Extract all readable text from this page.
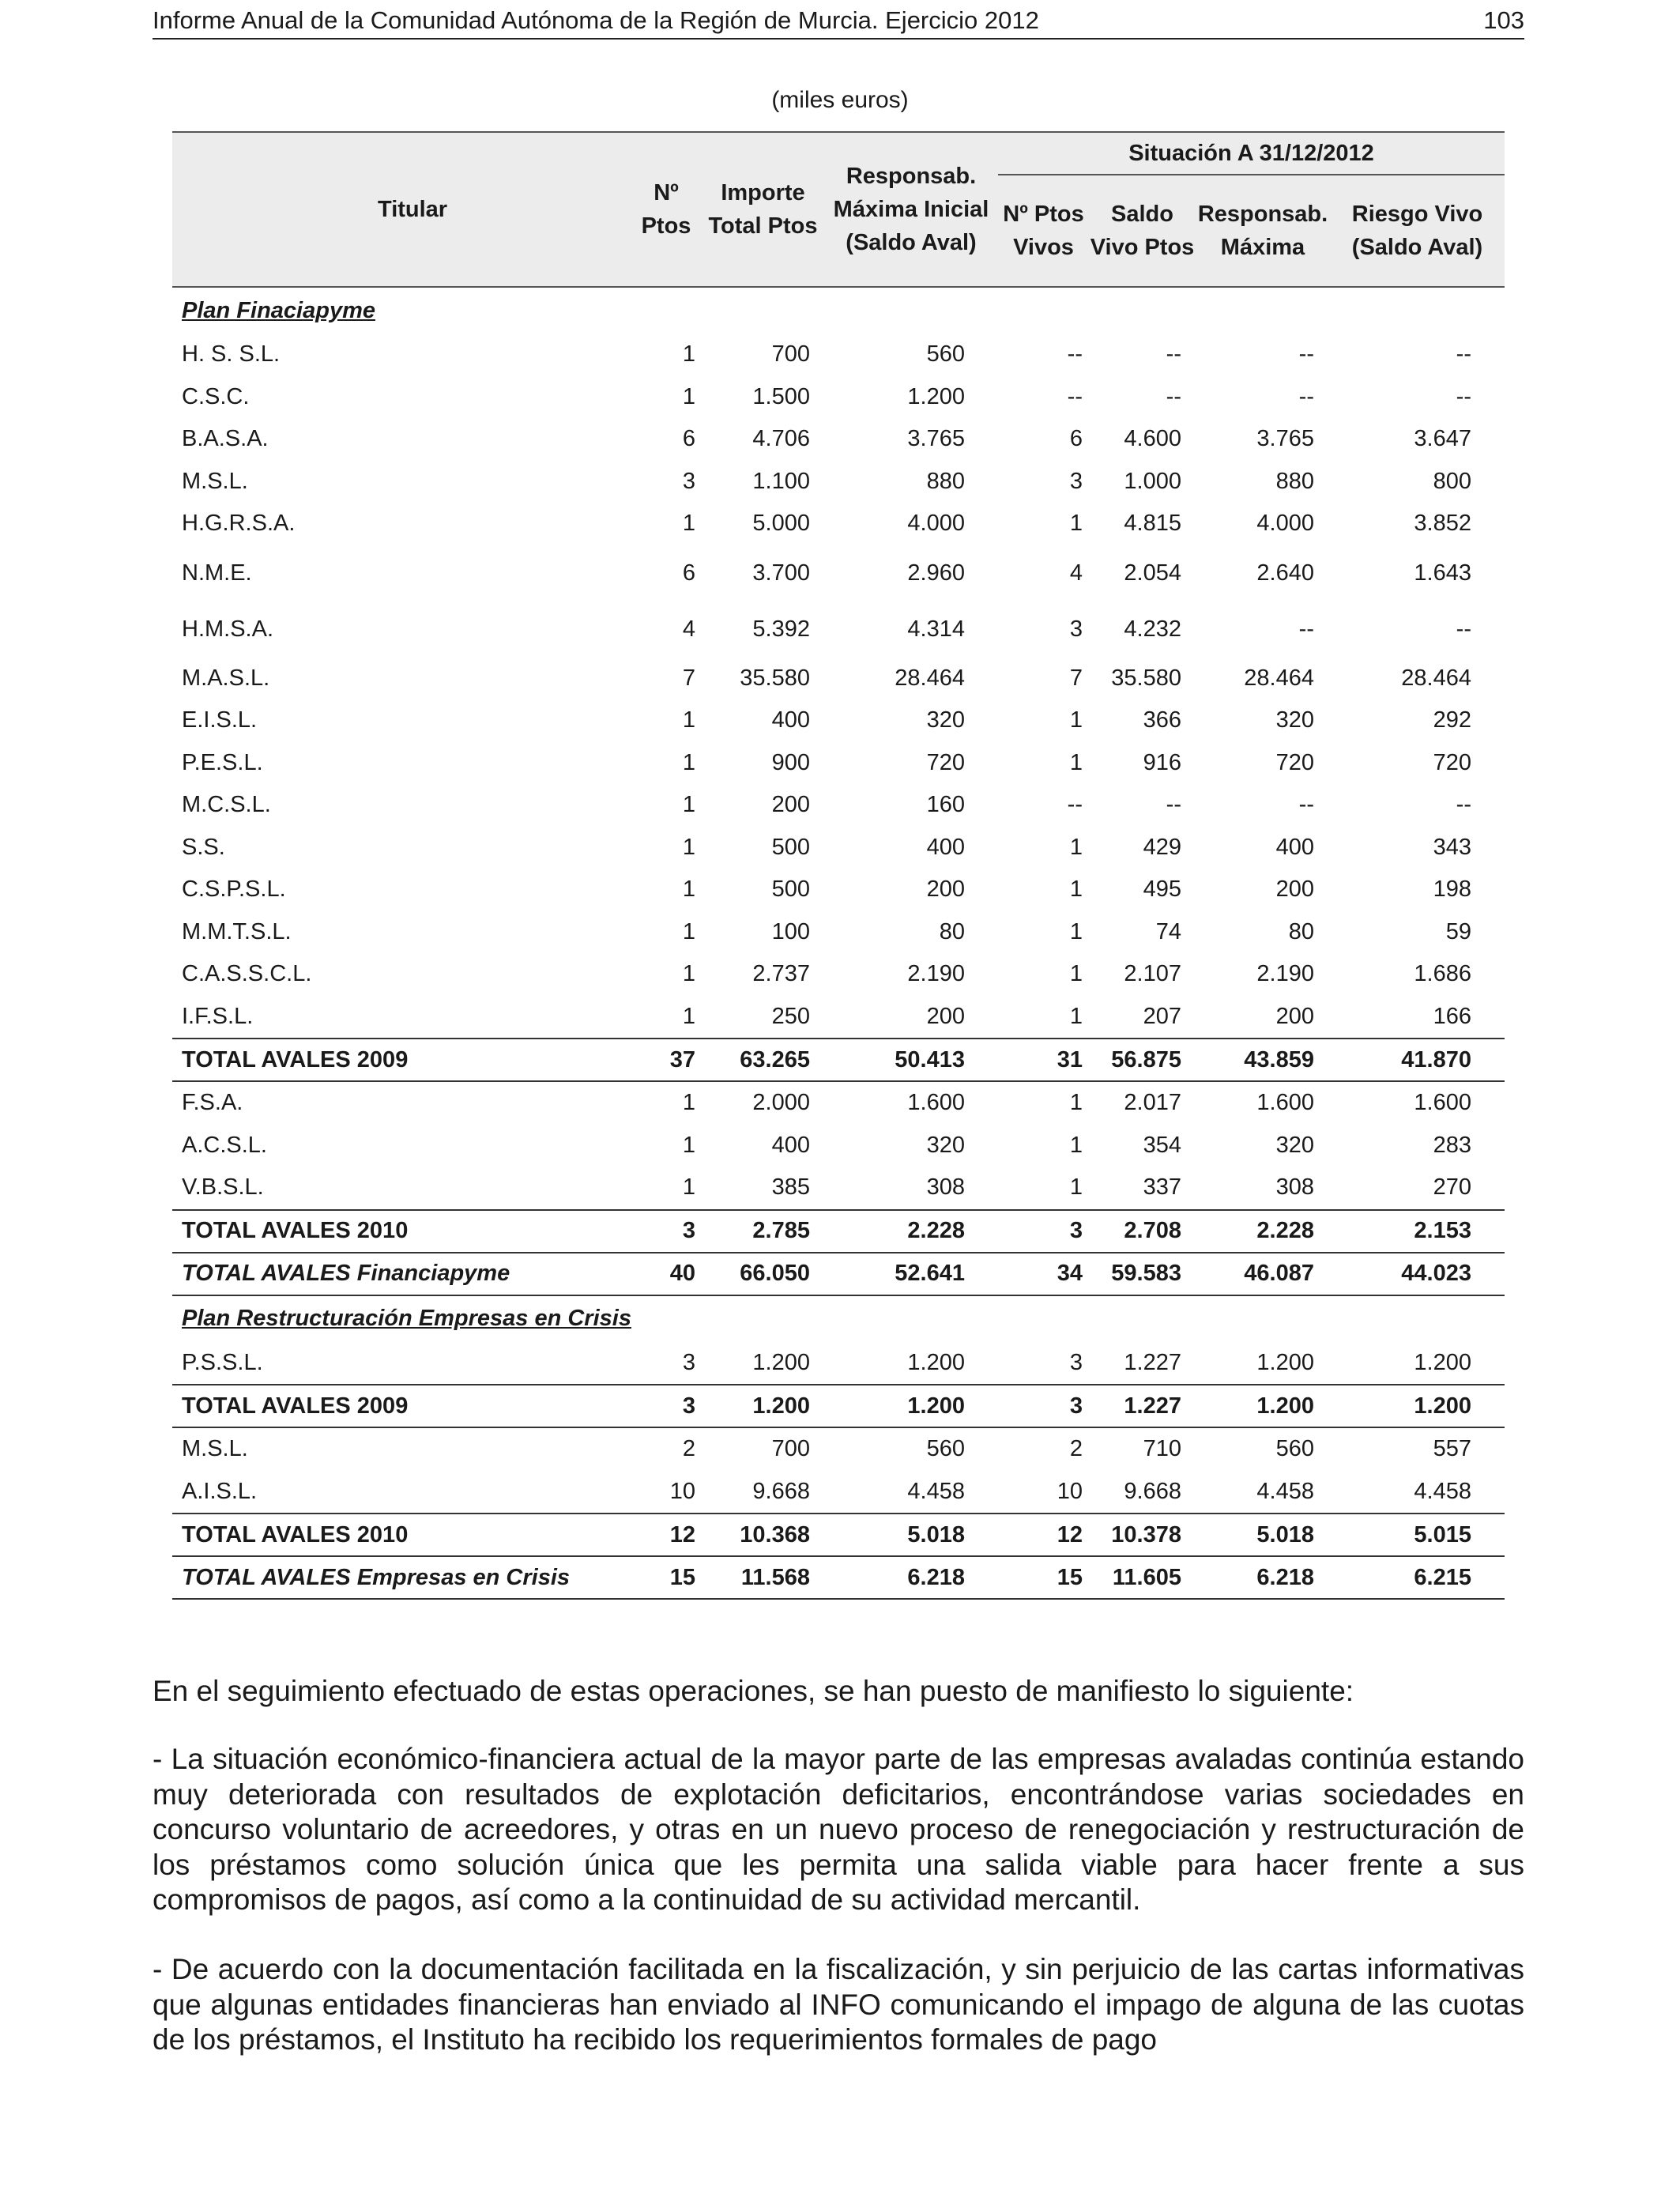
Informe Anual de la Comunidad Autónoma de la Región de Murcia. Ejercicio 2012	103
(miles euros)
Titular	Nº Ptos	Importe Total Ptos	Responsab. Máxima Inicial (Saldo Aval)	Situación A 31/12/2012			
				Nº Ptos Vivos	Saldo Vivo Ptos	Responsab. Máxima	Riesgo Vivo (Saldo Aval)
Plan Finaciapyme							
H. S. S.L.	1	700	560	--	--	--	--
C.S.C.	1	1.500	1.200	--	--	--	--
B.A.S.A.	6	4.706	3.765	6	4.600	3.765	3.647
M.S.L.	3	1.100	880	3	1.000	880	800
H.G.R.S.A.	1	5.000	4.000	1	4.815	4.000	3.852
N.M.E.	6	3.700	2.960	4	2.054	2.640	1.643
H.M.S.A.	4	5.392	4.314	3	4.232	--	--
M.A.S.L.	7	35.580	28.464	7	35.580	28.464	28.464
E.I.S.L.	1	400	320	1	366	320	292
P.E.S.L.	1	900	720	1	916	720	720
M.C.S.L.	1	200	160	--	--	--	--
S.S.	1	500	400	1	429	400	343
C.S.P.S.L.	1	500	200	1	495	200	198
M.M.T.S.L.	1	100	80	1	74	80	59
C.A.S.S.C.L.	1	2.737	2.190	1	2.107	2.190	1.686
I.F.S.L.	1	250	200	1	207	200	166
TOTAL AVALES 2009	37	63.265	50.413	31	56.875	43.859	41.870
F.S.A.	1	2.000	1.600	1	2.017	1.600	1.600
A.C.S.L.	1	400	320	1	354	320	283
V.B.S.L.	1	385	308	1	337	308	270
TOTAL AVALES 2010	3	2.785	2.228	3	2.708	2.228	2.153
TOTAL AVALES Financiapyme	40	66.050	52.641	34	59.583	46.087	44.023
Plan Restructuración Empresas en Crisis							
P.S.S.L.	3	1.200	1.200	3	1.227	1.200	1.200
TOTAL AVALES 2009	3	1.200	1.200	3	1.227	1.200	1.200
M.S.L.	2	700	560	2	710	560	557
A.I.S.L.	10	9.668	4.458	10	9.668	4.458	4.458
TOTAL AVALES 2010	12	10.368	5.018	12	10.378	5.018	5.015
TOTAL AVALES Empresas en Crisis	15	11.568	6.218	15	11.605	6.218	6.215

En el seguimiento efectuado de estas operaciones, se han puesto de manifiesto lo siguiente:

- La situación económico-financiera actual de la mayor parte de las empresas avaladas continúa estando muy deteriorada con resultados de explotación deficitarios, encontrándose varias sociedades en concurso voluntario de acreedores, y otras en un nuevo proceso de renegociación y restructuración de los préstamos como solución única que les permita una salida viable para hacer frente a sus compromisos de pagos, así como a la continuidad de su actividad mercantil.

- De acuerdo con la documentación facilitada en la fiscalización, y sin perjuicio de las cartas informativas que algunas entidades financieras han enviado al INFO comunicando el impago de alguna de las cuotas de los préstamos, el Instituto ha recibido los requerimientos formales de pago
